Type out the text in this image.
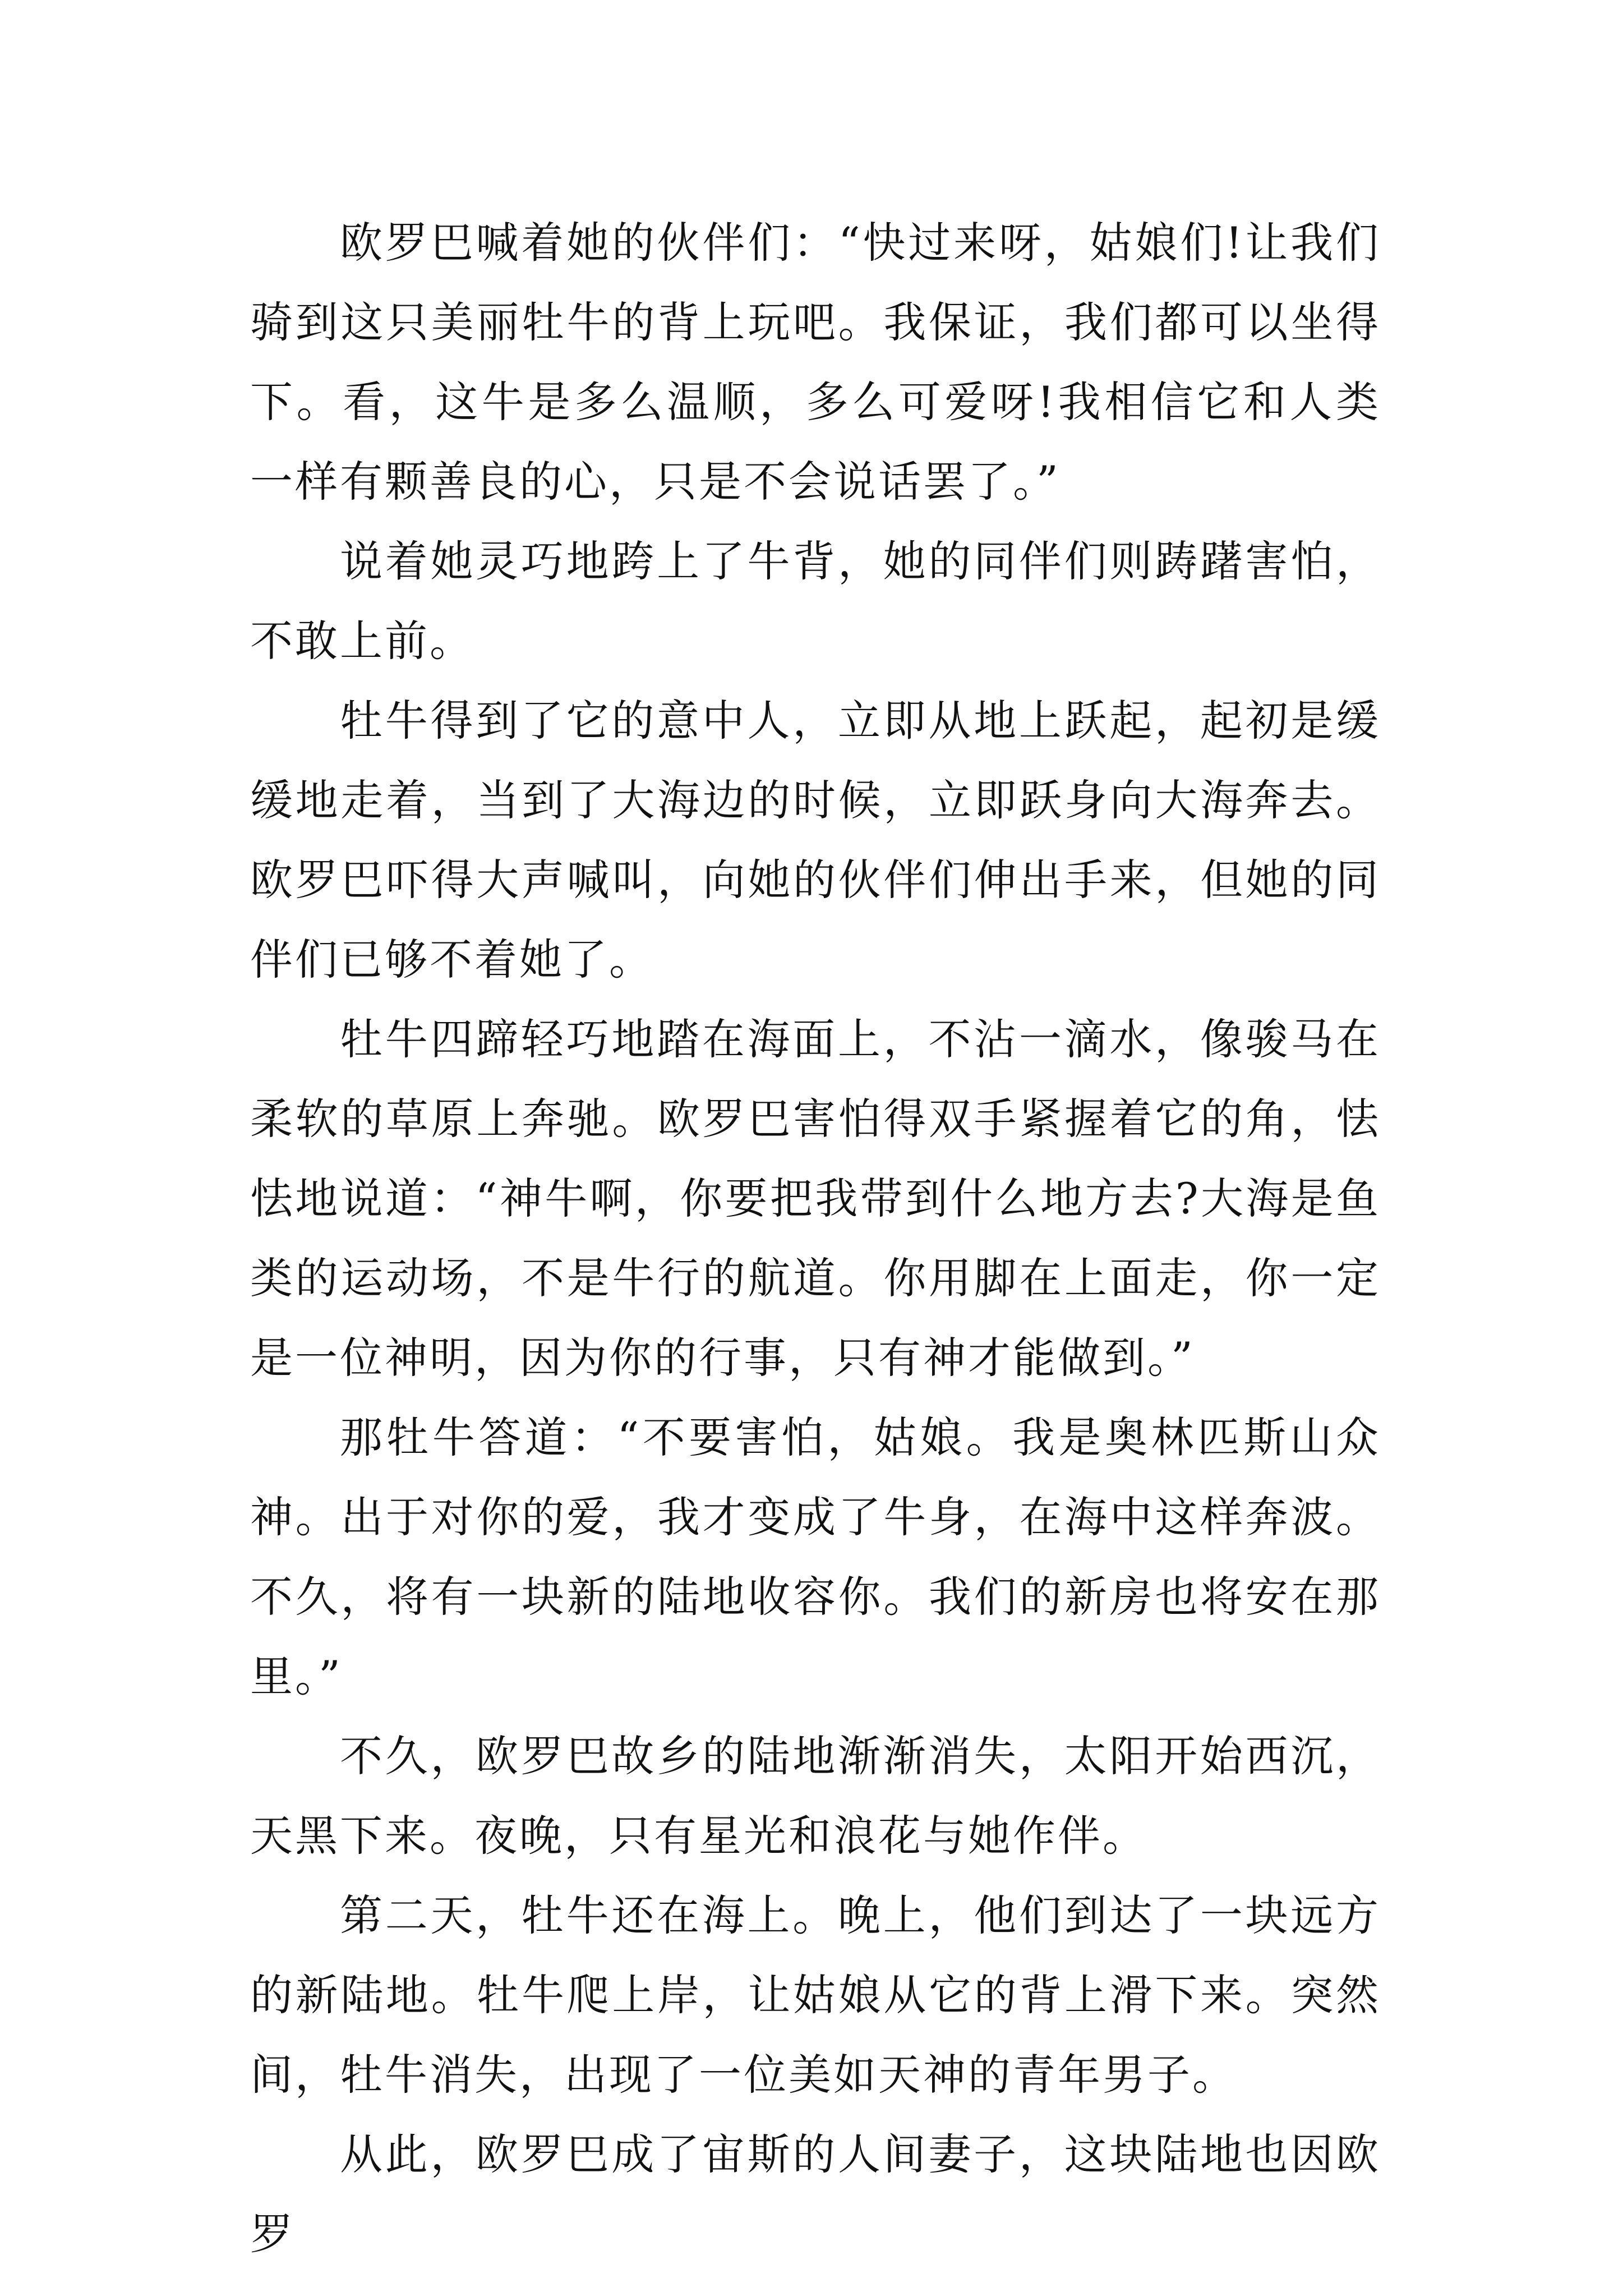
欧罗巴喊着她的伙伴们：“快过来呀，姑娘们!让我们骑到这只美丽牡牛的背上玩吧。我保证，我们都可以坐得下。看，这牛是多么温顺，多么可爱呀!我相信它和人类一样有颗善良的心，只是不会说话罢了。”

说着她灵巧地跨上了牛背，她的同伴们则踌躇害怕，不敢上前。

牡牛得到了它的意中人，立即从地上跃起，起初是缓缓地走着，当到了大海边的时候，立即跃身向大海奔去。欧罗巴吓得大声喊叫，向她的伙伴们伸出手来，但她的同伴们已够不着她了。

牡牛四蹄轻巧地踏在海面上，不沾一滴水，像骏马在柔软的草原上奔驰。欧罗巴害怕得双手紧握着它的角，怯怯地说道：“神牛啊，你要把我带到什么地方去?大海是鱼类的运动场，不是牛行的航道。你用脚在上面走，你一定是一位神明，因为你的行事，只有神才能做到。”

那牡牛答道：“不要害怕，姑娘。我是奥林匹斯山众神。出于对你的爱，我才变成了牛身，在海中这样奔波。不久，将有一块新的陆地收容你。我们的新房也将安在那里。”

不久，欧罗巴故乡的陆地渐渐消失，太阳开始西沉，天黑下来。夜晚，只有星光和浪花与她作伴。

第二天，牡牛还在海上。晚上，他们到达了一块远方的新陆地。牡牛爬上岸，让姑娘从它的背上滑下来。突然间，牡牛消失，出现了一位美如天神的青年男子。

从此，欧罗巴成了宙斯的人间妻子，这块陆地也因欧罗
